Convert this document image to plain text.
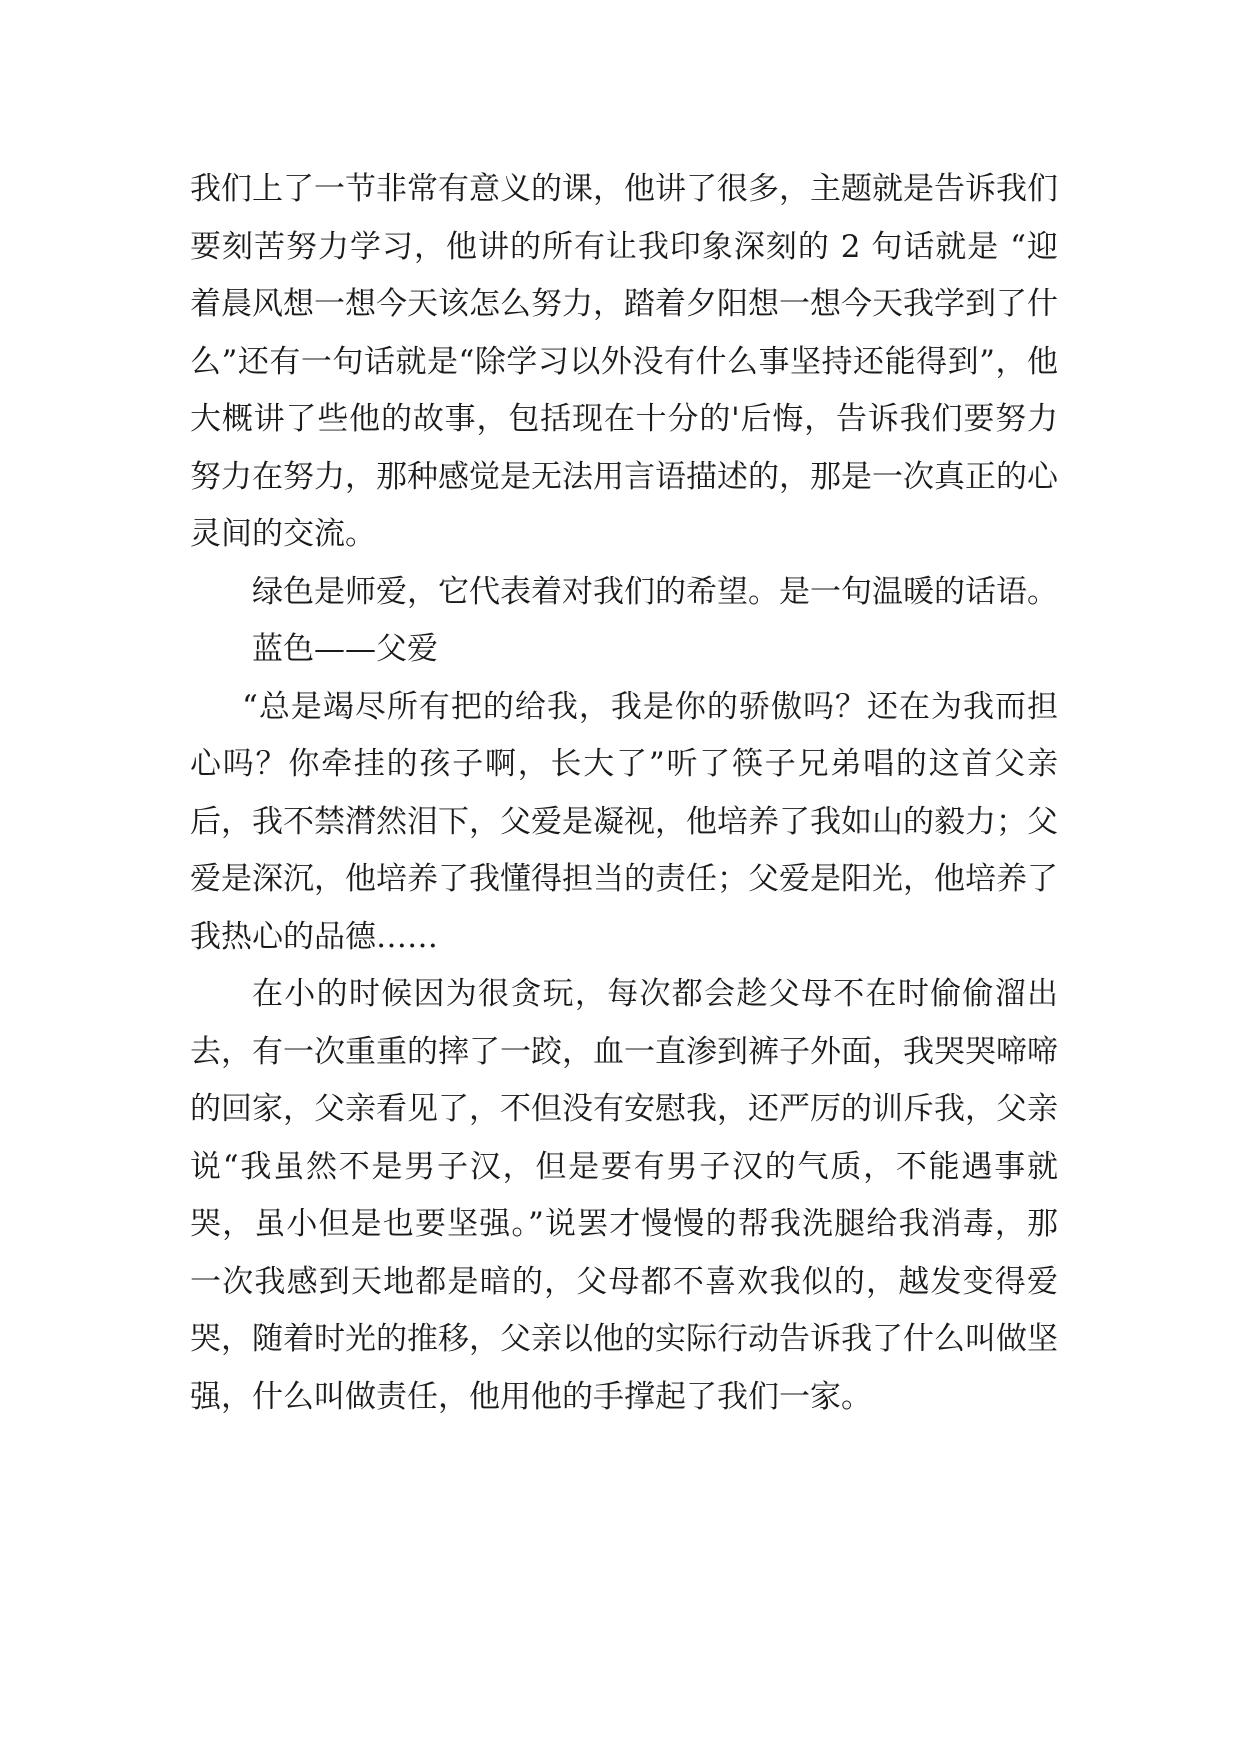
我们上了一节非常有意义的课，他讲了很多，主题就是告诉我们要刻苦努力学习，他讲的所有让我印象深刻的 2 句话就是 “迎着晨风想一想今天该怎么努力，踏着夕阳想一想今天我学到了什么”还有一句话就是“除学习以外没有什么事坚持还能得到”，他大概讲了些他的故事，包括现在十分的'后悔，告诉我们要努力努力在努力，那种感觉是无法用言语描述的，那是一次真正的心灵间的交流。

绿色是师爱，它代表着对我们的希望。是一句温暖的话语。

蓝色——父爱

“总是竭尽所有把的给我，我是你的骄傲吗？还在为我而担心吗？你牵挂的孩子啊，长大了”听了筷子兄弟唱的这首父亲后，我不禁潸然泪下，父爱是凝视，他培养了我如山的毅力；父爱是深沉，他培养了我懂得担当的责任；父爱是阳光，他培养了我热心的品德……

在小的时候因为很贪玩，每次都会趁父母不在时偷偷溜出去，有一次重重的摔了一跤，血一直渗到裤子外面，我哭哭啼啼的回家，父亲看见了，不但没有安慰我，还严厉的训斥我，父亲说“我虽然不是男子汉，但是要有男子汉的气质，不能遇事就哭，虽小但是也要坚强。”说罢才慢慢的帮我洗腿给我消毒，那一次我感到天地都是暗的，父母都不喜欢我似的，越发变得爱哭，随着时光的推移，父亲以他的实际行动告诉我了什么叫做坚强，什么叫做责任，他用他的手撑起了我们一家。
